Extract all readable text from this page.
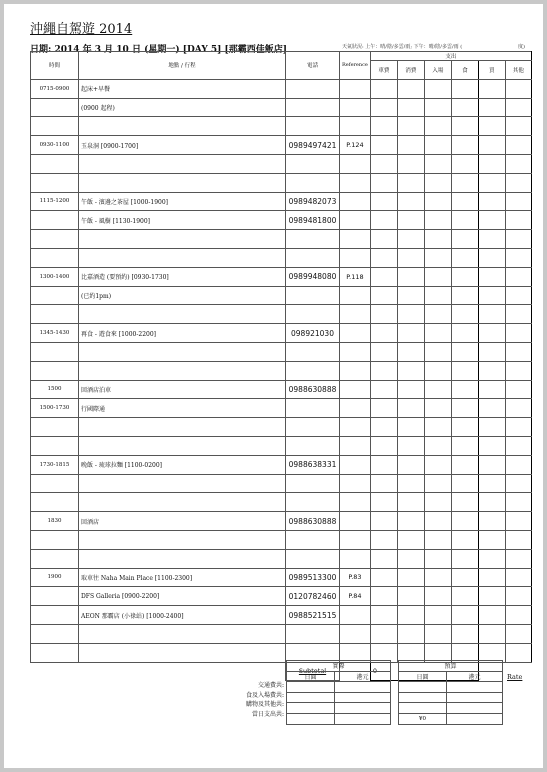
沖繩自駕遊 2014
日期: 2014 年 3 月 10 日 (星期一) [DAY 5] [那霸西佳飯店]	天氣狀況: 上午：晴/陰/多雲/雨; 下午：晴/陰/多雲/雨 (	度)
時間	地點 / 行程	電話	Reference	支出					
				車費	消費	入場	食	買	其他
0715-0900	起床+早餐								
	(0900 起程)								

0930-1100	玉泉洞 [0900-1700]	0989497421	P.124						

1115-1200	午飯 - 濱邊之茶屋 [1000-1900]	0989482073							
	午飯 - 風樹 [1130-1900]	0989481800							

1300-1400	比嘉酒造 (要預約) [0930-1730]	0989948080	P.118						
	(已約1pm)								

1345-1430	再食 - 遊食來 [1000-2200]	098921030							

1500	回酒店泊車	0988630888							
1500-1730	行國際通								

1730-1815	晚飯 - 琉球拉麵 [1100-0200]	0988638331							

1830	回酒店	0988630888							

1900	取車往 Naha Main Place [1100-2300]	0989513300	P.83						
	DFS Galleria [0900-2200]	0120782460	P.84						
	AEON 那霸店 (小祿站) [1000-2400]	0988521515							

		Subtotal		0					
交通費共:
食及入場費共:
購物及其他共:
當日支出共:
實際			預算	
日圓	港元		日圓	港元

			¥0	
Rate
